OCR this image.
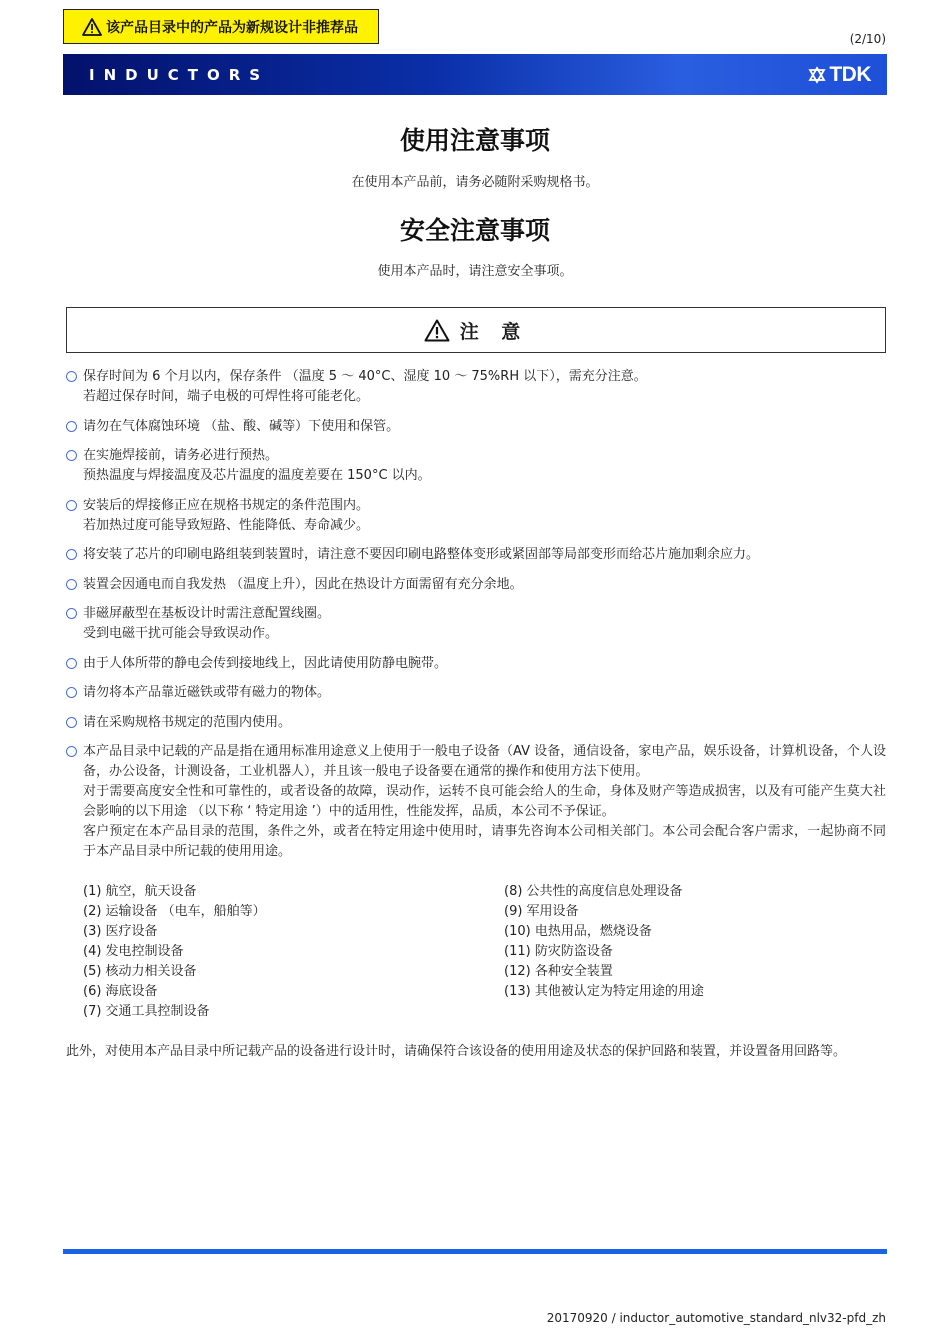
该产品目录中的产品为新规设计非推荐品
(2/10)
INDUCTORS	TDK
使用注意事项
在使用本产品前，请务必随附采购规格书。
安全注意事项
使用本产品时，请注意安全事项。
注 意

保存时间为 6 个月以内，保存条件 （温度 5 ～ 40°C、湿度 10 ～ 75%RH 以下），需充分注意。

若超过保存时间，端子电极的可焊性将可能老化。

请勿在气体腐蚀环境 （盐、酸、碱等）下使用和保管。

在实施焊接前，请务必进行预热。

预热温度与焊接温度及芯片温度的温度差要在 150°C 以内。

安装后的焊接修正应在规格书规定的条件范围内。

若加热过度可能导致短路、性能降低、寿命减少。

将安装了芯片的印刷电路组装到装置时，请注意不要因印刷电路整体变形或紧固部等局部变形而给芯片施加剩余应力。

装置会因通电而自我发热 （温度上升），因此在热设计方面需留有充分余地。

非磁屏蔽型在基板设计时需注意配置线圈。

受到电磁干扰可能会导致误动作。

由于人体所带的静电会传到接地线上，因此请使用防静电腕带。

请勿将本产品靠近磁铁或带有磁力的物体。

请在采购规格书规定的范围内使用。

本产品目录中记载的产品是指在通用标准用途意义上使用于一般电子设备（AV 设备，通信设备，家电产品，娱乐设备，计算机设备，个人设备，办公设备，计测设备，工业机器人），并且该一般电子设备要在通常的操作和使用方法下使用。

对于需要高度安全性和可靠性的，或者设备的故障，误动作，运转不良可能会给人的生命，身体及财产等造成损害，以及有可能产生莫大社会影响的以下用途 （以下称 ‘ 特定用途 ’）中的适用性，性能发挥，品质，本公司不予保证。

客户预定在本产品目录的范围，条件之外，或者在特定用途中使用时，请事先咨询本公司相关部门。本公司会配合客户需求，一起协商不同于本产品目录中所记载的使用用途。

(1) 航空，航天设备
(2) 运输设备 （电车，船舶等）
(3) 医疗设备
(4) 发电控制设备
(5) 核动力相关设备
(6) 海底设备
(7) 交通工具控制设备
(8) 公共性的高度信息处理设备
(9) 军用设备
(10) 电热用品，燃烧设备
(11) 防灾防盗设备
(12) 各种安全装置
(13) 其他被认定为特定用途的用途
此外，对使用本产品目录中所记载产品的设备进行设计时，请确保符合该设备的使用用途及状态的保护回路和装置，并设置备用回路等。
20170920 / inductor_automotive_standard_nlv32-pfd_zh
